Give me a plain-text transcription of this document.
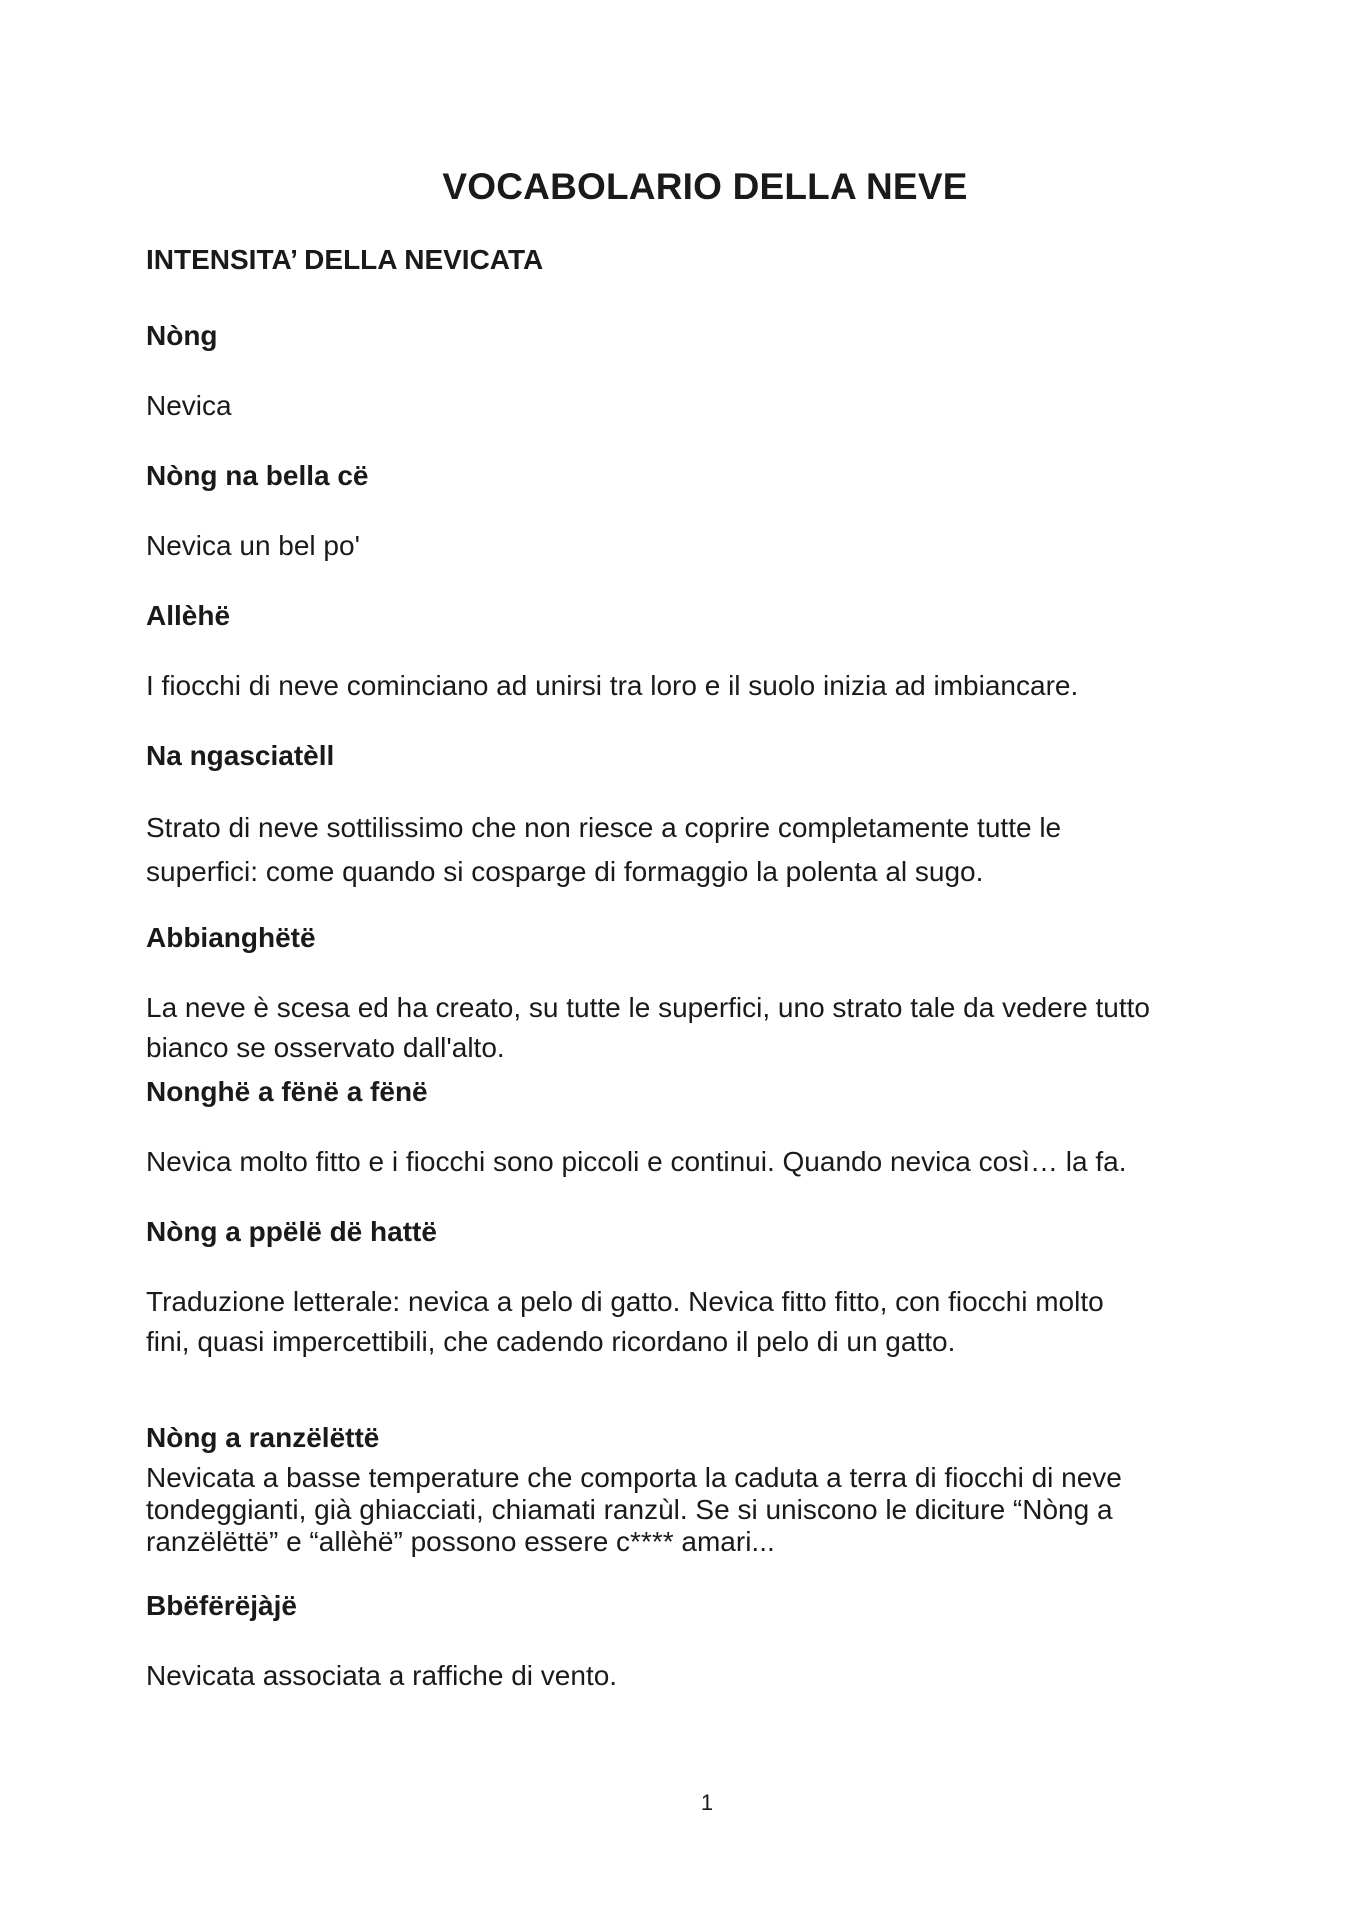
VOCABOLARIO DELLA NEVE
INTENSITA’ DELLA NEVICATA
Nòng
Nevica
Nòng na bella cë
Nevica un bel po'
Allèhë
I fiocchi di neve cominciano ad unirsi tra loro e il suolo inizia ad imbiancare.
Na ngasciatèll
Strato di neve sottilissimo che non riesce a coprire completamente tutte le
superfici: come quando si cosparge di formaggio la polenta al sugo.
Abbianghëtë
La neve è scesa ed ha creato, su tutte le superfici, uno strato tale da vedere tutto
bianco se osservato dall'alto.
Nonghë a fënë a fënë
Nevica molto fitto e i fiocchi sono piccoli e continui. Quando nevica così… la fa.
Nòng a ppëlë dë hattë
Traduzione letterale: nevica a pelo di gatto. Nevica fitto fitto, con fiocchi molto
fini, quasi impercettibili, che cadendo ricordano il pelo di un gatto.
Nòng a ranzëlëttë
Nevicata a basse temperature che comporta la caduta a terra di fiocchi di neve
tondeggianti, già ghiacciati, chiamati ranzùl. Se si uniscono le diciture “Nòng a
ranzëlëttë” e “allèhë” possono essere c**** amari...
Bbëfërëjàjë
Nevicata associata a raffiche di vento.
1
